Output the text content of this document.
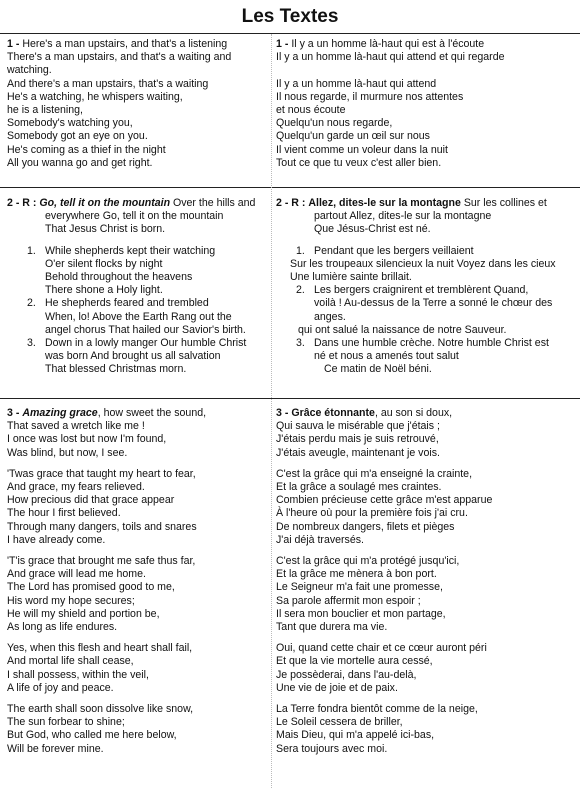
Les Textes
1 - Here's a man upstairs, and that's a listening
There's a man upstairs, and that's a waiting and
watching.
And there's a man upstairs, that's a waiting
He's a watching, he whispers waiting,
he is a listening,
Somebody's watching you,
Somebody got an eye on you.
He's coming as a thief in the night
All you wanna go and get right.
1 - Il y a un homme là-haut qui est à l'écoute
Il y a un homme là-haut qui attend et qui regarde

Il y a un homme là-haut qui attend
Il nous regarde, il murmure nos attentes
et nous écoute
Quelqu'un nous regarde,
Quelqu'un garde un œil sur nous
Il vient comme un voleur dans la nuit
Tout ce que tu veux c'est aller bien.
2 - R : Go, tell it on the mountain Over the hills and
everywhere Go, tell it on the mountain
That Jesus Christ is born.
1. While shepherds kept their watching
O'er silent flocks by night
Behold throughout the heavens
There shone a Holy light.
2. He shepherds feared and trembled
When, lo! Above the Earth Rang out the
angel chorus That hailed our Savior's birth.
3. Down in a lowly manger Our humble Christ
was born And brought us all salvation
That blessed Christmas morn.
2 - R : Allez, dites-le sur la montagne Sur les collines et
partout Allez, dites-le sur la montagne
Que Jésus-Christ est né.
1. Pendant que les bergers veillaient
Sur les troupeaux silencieux la nuit Voyez dans les cieux
Une lumière sainte brillait.
2. Les bergers craignirent et tremblèrent Quand,
voilà ! Au-dessus de la Terre a sonné le chœur des
anges.
qui ont salué la naissance de notre Sauveur.
3. Dans une humble crèche. Notre humble Christ est
né et nous a amenés tout salut
Ce matin de Noël béni.
3 - Amazing grace, how sweet the sound,
That saved a wretch like me !
I once was lost but now I'm found,
Was blind, but now, I see.
'Twas grace that taught my heart to fear,
And grace, my fears relieved.
How precious did that grace appear
The hour I first believed.
Through many dangers, toils and snares
I have already come.
'T'is grace that brought me safe thus far,
And grace will lead me home.
The Lord has promised good to me,
His word my hope secures;
He will my shield and portion be,
As long as life endures.
Yes, when this flesh and heart shall fail,
And mortal life shall cease,
I shall possess, within the veil,
A life of joy and peace.
The earth shall soon dissolve like snow,
The sun forbear to shine;
But God, who called me here below,
Will be forever mine.
3 - Grâce étonnante, au son si doux,
Qui sauva le misérable que j'étais ;
J'étais perdu mais je suis retrouvé,
J'étais aveugle, maintenant je vois.
C'est la grâce qui m'a enseigné la crainte,
Et la grâce a soulagé mes craintes.
Combien précieuse cette grâce m'est apparue
À l'heure où pour la première fois j'ai cru.
De nombreux dangers, filets et pièges
J'ai déjà traversés.
C'est la grâce qui m'a protégé jusqu'ici,
Et la grâce me mènera à bon port.
Le Seigneur m'a fait une promesse,
Sa parole affermit mon espoir ;
Il sera mon bouclier et mon partage,
Tant que durera ma vie.
Oui, quand cette chair et ce cœur auront péri
Et que la vie mortelle aura cessé,
Je possèderai, dans l'au-delà,
Une vie de joie et de paix.
La Terre fondra bientôt comme de la neige,
Le Soleil cessera de briller,
Mais Dieu, qui m'a appelé ici-bas,
Sera toujours avec moi.
